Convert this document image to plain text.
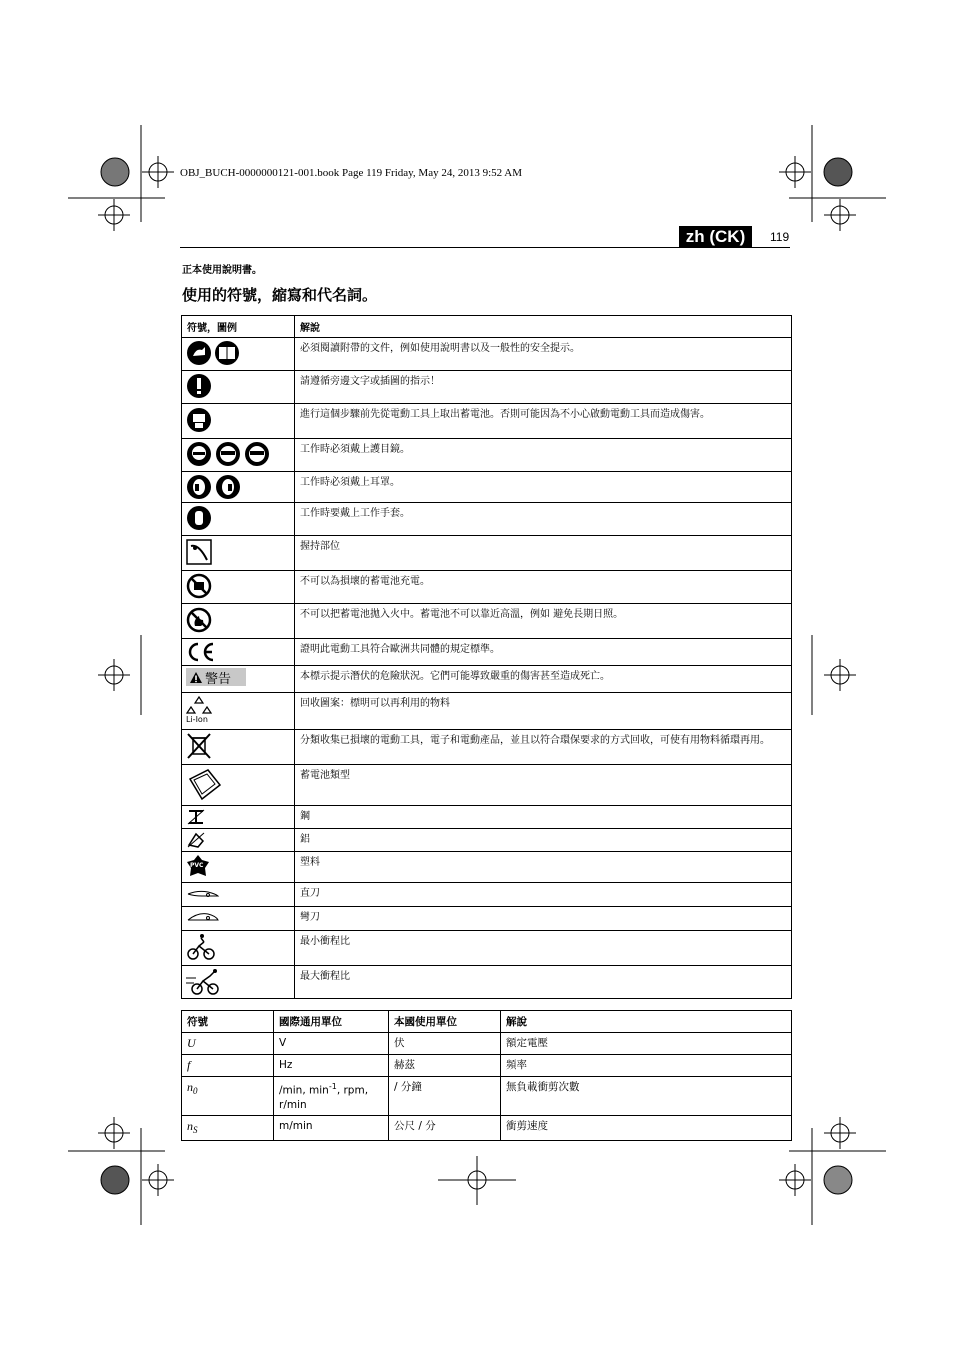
OBJ_BUCH-0000000121-001.book Page 119 Friday, May 24, 2013 9:52 AM
zh (CK)	119
正本使用說明書。
使用的符號，縮寫和代名詞。
符號，圖例	解說

	必須閱讀附帶的文件，例如使用說明書以及一般性的安全提示。

	請遵循旁邊文字或插圖的指示！

	進行這個步驟前先從電動工具上取出蓄電池。否則可能因為不小心啟動電動工具而造成傷害。

	工作時必須戴上護目鏡。

	工作時必須戴上耳罩。

	工作時要戴上工作手套。

	握持部位

	不可以為損壞的蓄電池充電。

	不可以把蓄電池拋入火中。蓄電池不可以靠近高溫，例如 避免長期日照。

	證明此電動工具符合歐洲共同體的規定標準。

警告	本標示提示潛伏的危險狀況。它們可能導致嚴重的傷害甚至造成死亡。

Li-Ion	回收圖案：標明可以再利用的物料

	分類收集已損壞的電動工具，電子和電動產品，並且以符合環保要求的方式回收，可使有用物料循環再用。

	蓄電池類型

	鋼

	鋁

PVC	塑料

	直刀

	彎刀

	最小衝程比

	最大衝程比
符號	國際通用單位	本國使用單位	解說
U	V	伏	額定電壓
f	Hz	赫茲	頻率
$n_0$	/min, $\min^{-1}$, rpm, r/min	/ 分鐘	無負載衝剪次數
$n_S$	m/min	公尺 / 分	衝剪速度
